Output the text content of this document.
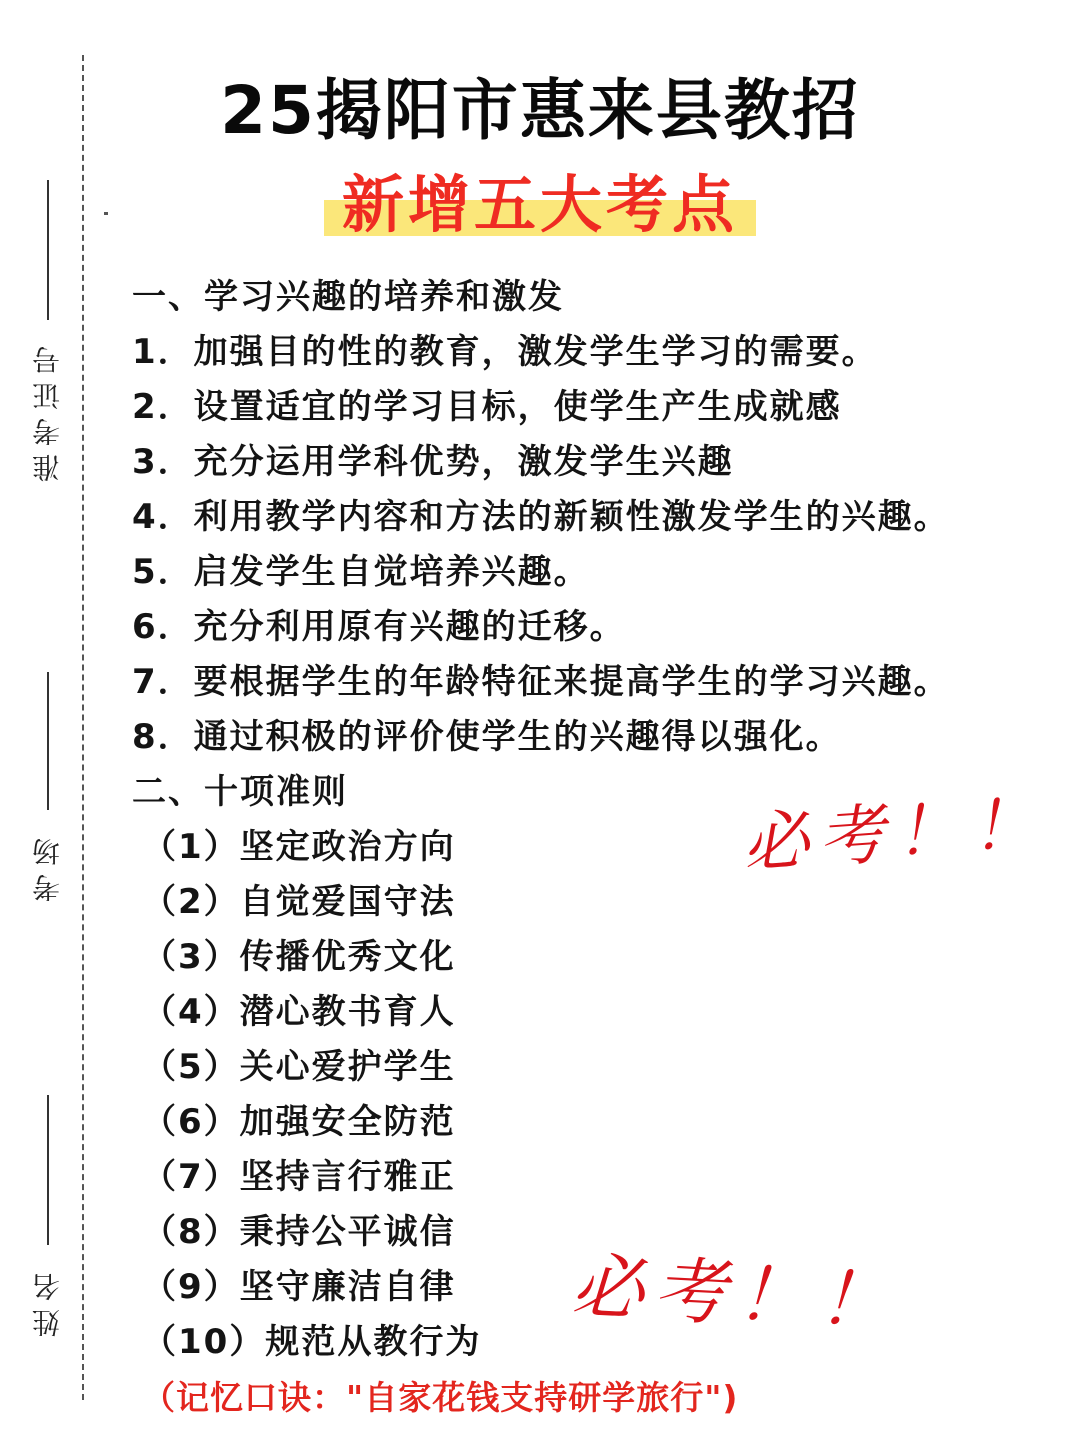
准考证号
考场
姓名
25揭阳市惠来县教招
新增五大考点
一、学习兴趣的培养和激发
1．加强目的性的教育，激发学生学习的需要。
2．设置适宜的学习目标，使学生产生成就感
3．充分运用学科优势，激发学生兴趣
4．利用教学内容和方法的新颖性激发学生的兴趣。
5．启发学生自觉培养兴趣。
6．充分利用原有兴趣的迁移。
7．要根据学生的年龄特征来提高学生的学习兴趣。
8．通过积极的评价使学生的兴趣得以强化。
二、十项准则
（1）坚定政治方向
（2）自觉爱国守法
（3）传播优秀文化
（4）潜心教书育人
（5）关心爱护学生
（6）加强安全防范
（7）坚持言行雅正
（8）秉持公平诚信
（9）坚守廉洁自律
（10）规范从教行为
（记忆口诀："自家花钱支持研学旅行")
必考！！
必考！！
